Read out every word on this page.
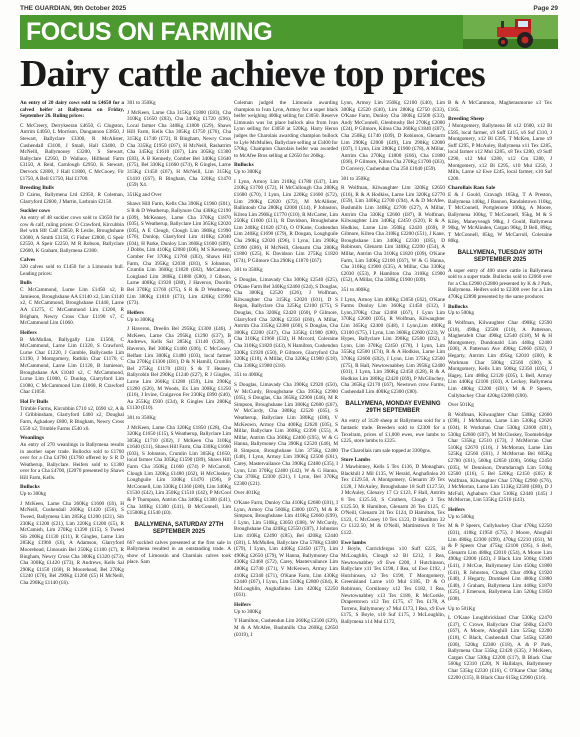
THE GUARDIAN, 9th October 2025	Page 29
FOCUS ON FARMING
Dairy cattle achieve top prices

An entry of 20 dairy cows sold to £4650 for a calved heifer at Ballymena on Friday, September 26. Ruling prices:

C McCreery, Derrykeeran £4650, G Clugston, Antrim £4050, L Morrison, Dungannon £3850, J Stewart, Ballyclare £3300, R McAlister, Cushendall £3100, J Small, Hall £3400, D McNeill, Ballymoney £3200, S Stewart, Ballyclare £2950, D Wallace, Hillhead Farm £3150, A Reid, Carnlough £2950, K Stewart, Dervock £2800, J Hall £1800, C McCooey, Fir £1750, A Bell £1750, Hal £1700.

Breeding Bulls

D Cairns, Ballymena Ltd £2950, R Coleman, Glarryford £2600, J Martin, Larbrain £2150.

Suckler cows

An entry of 48 suckler cows sold to £3650 for a cow & calf, ruling prices: O Crawford, Kircubbin Bel with Hfr Calf £3650, R Leslie, Broughshane £3600, A Smith £3150, G Fisher £2800, G Speir £2550, A Speir £2250, M R Robson, Ballyclare £2600, K Graham, Ballymena £2300.

Calves

320 calves sold to £1450 for a Limousin bull. Leading prices:

Bulls

C McCammond, Lurne Lim £1450 x2, B Jamieson, Broughshane AA £1140 x2, Lim £1140 x2, C McCammond, Broughshane £1440, Larne AA £1275, C McCammond Lim £1200, R Brigham, Newry Cross Char £1190 x7, C McCammond Lim £1060.

Heifers

B McMullan, Ballygally Lim £1560, C McCammond, Larne Lim £1320, S Crawford, Lurne Char £1220, J Gamble, Ballycastle Lim £1190, J Montgomery, Rathlin Char £1170, C McCammond, Larne Lim £1120, B Jamieson, Broughshane AA £1040 x2, C McCammond, Lurne Lim £1000, G Dunlop, Glarryford Lim £1080, C McCammond Lim £1060, R Crawford Char £1050.

Hol Fr Bulls

Trimble Farms, Kircubbin £710 x2, £690 x2, A & J Gribbinsham, Glarryford £460 x2, Dougbal Farm, Aghadoey £800, R Bingham, Newry Cross £550 x2, Trimble Farms £540 x6.

Weanlings

An entry of 270 weanlings in Ballymena results in another super trade. Bullocks sold to £1760 over for a Cha £4760 (£1760 offered by S R D Weatherup, Ballyclare. Heifers sold to £1300 over for a Cha £4700, (£2070 presented by Shaws Hill Farm, Kells.

Bullocks

Up to 300kg

J McKeen, Larne Cha 260Kg £1600 (£6), H McNeill, Cushendall 260Kg £1420 (£56), S Tweed, Ballymena Lim 285Kg £1200 (£21), Sib 230Kg £1200 (£21), Lim 220Kg £1200 (£5), R McCamish, Lim 270Kg £1390 (£15), S Tweed Sib 200Kg £1130 (£11), R Gingles, Larne Lim 285Kg £1960 (£6), A Adamson, Glarryford Moorehead, Limousin Bel 250Kg £1180 (£7), R Bingham, Newry Cross Cha 300Kg £1320 (£73), Cha 300Kg £1420 (£73), R Andrews, Kells Sal 290Kg £1150 (£60), R Moorehead, Bel 270Kg £1240 (£76), Bel 290Kg £1260 (£5) H McNeill, Cha 290Kg £1140 (£6).

301 to 350Kg

J McKeen, Larne Cha 315Kg £1800 (£83), Cha 310Kg £1650 (£83), Cha 340Kg £1720 (£96), Local farmer Cha 340Kg £1800 (£29), Shaws Hill Farm, Kells Cha 305Kg £1750 (£76), Cha 315Kg £1740 (£72), R Bingham, Newry Cross Cha 335Kg £1950 (£67), H McNeill, Rashatrim Cha 345Kg £1610 (£67), Lim 305Kg £1300 (£83), A B Kennedy, Comber Bel 340Kg £1640 (£75), Bel 330Kg £1660 (£74), R Gingles, Larne 315Kg £1450 (£67), H McNeill, Lim 315Kg £1410 (£67), R Bingham, Cha 320Kg £1470 (£59) X4.

351Kg and Over

Shaws Hill Farm, Kells Cha 390Kg £1960 (£01), S R & D Weatherup, Ballynure Cha 430Kg £2190 (£09), McKeaney, Larne Cha 370Kg £1870 (£05), S Weatherup, Ballyclare Lim 365Kg £2020 (£05), A E Cleugh, Clough Lim 380Kg £1990 (£76), Dunlop, Glarryford Lim 410Kg £2040 (£04), H Parke, Dunloy Lim 360Kg £1600 (£89), J Dobbs, Lim 410Kg £2080 (£06), M S Kennedy, Comber Fer 370Kg £1760 (£83), Shaws Hill Farm, Cha 395Kg £2030 (£83), S Johnston, Crumlin Lim 360Kg £1820 (£82), McCalmon, Longland Lim 380Kg £1880 (£80), J Gibson, Larne 400Kg £1920 (£80), J Haveron, Doorlin Bel 370Kg £1760 (£75), S R & D Weatherup, Lim 380Kg £1810 (£73), Lim 420Kg £1990 (£73).

Heifers

Up to 300Kg

J Haveron, Dreelin Bel 295Kg £1300 (£46), J McKeen, Larne Cha 295Kg £1290 (£37), B Andrews, Kells Sal 285Kg £1140 (£28), J Haveron, Bel 300Kg £1460 (£06), C McCooey, Belfast Lim 300Kg £1480 (£03), local farmer Cha 270Kg £1300 (£81), D & N Hamill, Crumlin Bel 275Kg £1170 (£81) S & T Heaney, Ballyrobin Bel 290Kg £1240 (£27), R J Gingles, Larne Lim 260Kg £1280 (£59), Lim 290Kg £1260 (£26), M Woods, Ex Lim 300Kg £1250 (£16), J Irvine, Craigavon Fer 230Kg £890 (£40), Aa 255Kg £930 (£34), R Gingles Lim 280Kg £1130 (£10).

301 to 350Kg

J McKeen, Larne Cha 320Kg £1850 (£28), Cha 320Kg £1650 (£15), S Weatherup, Ballyclare Lim 305Kg £1710 (£02), J McKeen Cha 310Kg £1640 (£11), Shaws Hill Farm, Cha 330Kg £1660 (£03), S Johnston, Crumlin Lim 305Kg £1650, local farmer Cha 305Kg £1590 (£89), Shaws Hill Farm Cha 350Kg £1660 (£74) P McCarroll, Clough Lim 320Kg £1480 (£62), H McCloskey, Loughguile Lim 330Kg £1470 (£96), P McConnell, Lim 330Kg £1360 (£80), Lim 340Kg £1530 (£42), Lim 350Kg £1510 (£42), P McCool & P Thompson, Antrim Cha 340Kg £1300 (£41), Cha 340Kg £1300 (£41), B McConnell, Lim £1500Kg £1540 (£0).

BALLYMENA, SATURDAY 27TH SEPTEMBER 2025

667 suckled calves presented at the first sale in Ballymena resulted in an outstanding trade. A show of Limousin and Charolais calves took place. Sam

Coleman judged the Limousin awarding champion to Ivan Lynn, Armoy for a super black heifer weighing 400kg selling for £3050. Reserve Limousin was 1st place bullock also from Ivan Lynn selling for £3050 at 520Kg. Harry Heron judges the Charolais awarding champion bullock to Lyle McMullen, Ballyclare selling at £3400 for 570kg. Champion Charolais heifer was awarded to McAfee Bros selling at £2650 for 260kg.

Bullocks

Up to 300Kg

I Lynn, Armoy Lim 210Kg £1780 (£47), Lim 210Kg £1700 (£72), H McCullough Cha 280Kg £1680 (£70), I Lynn, Lim 220Kg £1600 (£72), Lim 290Kg £2020 (£72), M McAllister, Ballintoub Cha 280Kg £2000 (£14), P Johnston, Kilrea Lim 290Kg £1770 (£10), R McCarter, Lim 250Kg £1600 (£11), R Davidson, Broughshane Lim 240Kg £1620 (£74), O O'Kane, Cushendun Lim 240Kg £1690 (£79), R Dougan, Loughguile Cha 290Kg £2020 (£96), I Lynn, Lim 290Kg £1990 (£86), H McNeill, Glenarm Cha 280Kg £1800 (£25), K Davidson Lim 275Kg £1820 (£74), P Gilmore Cha 290Kg £1870 (£67).

301 to 350Kg

S Douglas, Limavady Cha 300Kg £2540 (£25), O'Kane Farm Bel 340Kg £2460 (£24), S Douglas, Cha 300Kg £2520 (£26), J Wolfman, Kilwaughter Cha 315Kg £2020 (£01), D S Regan, Ballyclare Cha 325Kg £2100 (£75), S Douglas, Cha 320Kg £2420 (£60), P Gilmore, Glarryford Cha 320Kg £2350 (£60), A Millar, Antrim Cha 335Kg £2380 (£60), S Douglas, Cha 300Kg £2200 (£47), Cha 335Kg £1980 (£80), Cha 310Kg £1960 (£32), H Mccord, Coleraine Cha 310Kg £1820 (£43), N Hamilton, Cushendun 330Kg £1920 (£50), P Gilmore, Glarryford Cha 320Kg (£18), A Millar, Cha 320Kg £1980 (£18), Cha 330Kg £1980 (£18).

351 to 400Kg

S Douglas, Limavady Cha 390Kg £2920 (£50), W McCurdy, Broughshane Cha 395Kg £2900 (£65), S Douglas, Cha 365Kg £2900 (£46), M R Simpson, Broughshane Lim 380Kg £2680 (£67), W McCurdy, Cha 380Kg £2520 (£65), S Weatherup, Ballyclare Lim 380Kg (£86), V McKeown, Armoy Cha 400Kg £2620 (£05), S Millar, Ballyclare Lim 360Kg £2390 (£55), A Millar, Antrim Cha 360Kg £2400 (£95), W & G Hanna, Ballymoney Cha 390Kg £2520 (£46), M R Simpson, Broughshane Lim 375Kg £2400 (£40), I Lynn, Armoy Lim 390Kg £2500 (£61), Carey, Mastervailance Cha 390Kg £2480 (£35), I Lynn, Lim 370Kg £2400 (£42), W & G Hanna, Cha 370Kg £2300 (£21), I Lynn, Bel 370Kg £2300 (£21).

Over 401Kg

O'Kane Farm, Dunloy Cha 410Kg £2680 (£01), I Lynn, Armoy Cha 560Kg £3000 (£67), M & R Simpson, Broughshane Lim 410Kg £2660 (£99), I Lynn, Lim 510Kg £3050 (£88), W McCurdy, Broughshane Cha 420Kg £2550 (£07), J Johnston Lim 410Kg £2490 (£85), Bel 420Kg £2440 (£81), L McMullen, Ballyclare Cha 570Kg £3400 (£79), I Lynn, Lim 440Kg £2450 (£77), Lim 490Kg £2650 (£79), W Hanna, Ballymoney Cha 430Kg £2460 (£72), Carey, Mastervailance Lim 480Kg £2740 (£71), V McKeown, Armoy Lim 410Kg £2340 (£71), O'Kane Farm, Lim 430Kg £2440 (£67), I Lynn, Lim 510Kg £2800 (£64), R McLoughlin, Anghafinlea Lim 420Kg £2250 (£61).

Heifers

Up to 300Kg

Y Hamilton, Cushendun Lim 260Kg £2500 (£29), M & A McAfee, Bushmills Cha 260Kg £2650 (£019), I

Lynn, Armoy Lim 250Kg £2100 (£40), Lim 300Kg £2520 (£40), Lim 280Kg £2750 (£33), O'Kane Farm, Dunloy Cha 300Kg £2500 (£33), Andy McConnell, Glenbrushy Bel 270Kg £2000 (£24), P Gilmore, Kilrea Cha 260Kg £1840 (£07), Cha 250Kg £1740 (£09), D Robinson, Glenarm Lim 290Kg £2000 (£49), Lim 290Kg £2000 (£07), I Lynn, Lim 280Kg £1900 (£78), A Millar, Antrim Cha 270Kg £1800 (£66), Cha £1800 (£66), P Gilmore, Kilrea Cha 270Kg £1700 (£63), D Convery, Cushendun Cha 250 £1640 (£59).

301 to 350Kg

R Wolfman, Kilwaughter Lim 320Kg £2650 (£16), R & A Hodkiss, Larne Lim 320Kg £2770 (£59), Lim 340Kg £2700 (£94), A & D McAfee, Bushmills Lim 340Kg £2700 (£27), A Millar, Antrim Cha 330Kg £2600 (£87), R Wolfman, Kilwaughter Lim 340Kg £2450 (£20), R & A Hodkiss, Larne Lim 350Kg £2420 (£69), P Gilmore, Kilrea Cha 310Kg £2200 (£51), J Kane, Broughshane Lim 340Kg £2330 (£85), D Robinson, Glenarm Lim 340Kg £2200 (£54), A Millar, Antrim Cha 310Kg £1820 (£09), O'Kane Farm, Lim 340Kg £2100 (£67), W & G Hanna, Cha 310Kg £1900 (£35), A Millar, Cha 330Kg £2030 (£53), P Hamilton Cha 310Kg £1900 (£52), A Millar, Cha 330Kg £1900 (£09).

351 to 400Kg

I Lynn, Armoy Lim 400Kg £3050 (£62), O'Kane Farms Dunloy Lim 360Kg £1450 (£12), I Lynn,370Kg Char £2460 (£67), I Lynn Lim 370Kg £2600 (£05), R Wolfman, Kilwaughter Lim 365Kg £2400 (£48), I Lynn,Lim 400Kg £3100 (£75), I Lynn, Lim 360Kg £2600 (£23), W Hypes, Ballyclare Lim 390Kg £2580 (£62), I Lynn, Lim 370Kg £2450 (£78), I Lynn, Lim 355Kg £2500 (£74), R & A Hodkiss, Larne Lim 370Kg £2600 (£02), I Lynn, Lim 375Kg £2500 (£75), R Hall, Newtownabbey Lim 395Kg £2400 (£01), I Lynn, Lim 390Kg £2450 (£28), R & A Hodkiss Lim 380Kg £2420 (£69), P McGlinchey, Cha 365Kg £2170 (£67), Newtown crow Farms, Cushendall Lim 400Kg £2300 (£80).

BALLYMENA, MONDAY EVENING 29TH SEPTEMBER

An entry of 3120 sheep at Ballymena sold for a fantastic trade. Breeders sold to £2300 for a Texelram, prices of £1,000 ewes, ewe lambs to £225, store lambs to £225.

The Charollais ram sale topped at 3300gns.

Store Lambs

J Mawhinney, Kells 5 Tex £136, D Monaghan, Blackhill 2 Mil £135, W Herald, Anghafinlea 20 Tex £129.50, A Montgomery, Glenarm 39 Tex £128, J McAuley, Broughshane 18 Suff £127.50, J McAuley, Glenavy 17 Cr £123, F Hall, Antrim 8 Tex £125.50, S Crothers, Clough 3 Tex £125.50, R Hamilton, Glenarm 26 Tex £125, C O'Neill, Glenarm 24 Tex £124, D Hamilton, Tex £123, C McCooey 10 Tex £123, D Hamilton 32 Cr £122.50, M & O'Neill, Martinstown 8 Tex £122.

Ewe lambs

J Boyle, Carrickfergus x10 Suff £225, H McLoughlin, Clough x2 Bl £212, I Rea, Newtownabbey x9 Ewe £200, J Hutchinson, Ballyclare x11 Tex £198, J Rea, x4 Ewe £192, J Hutchinson, x2 Tex £190, T Montgomery, Greenisland Larne x10 Mul £185, D & O Robinson, Cornilonsy x12 Tex £182, I Rea, Newtownabbey x13 Tex £180, R McCorkle, Draperstown x12 Tex £175, x7 Tex £178, A Torrens, Ballymoney x7 Mul £173, I Rea, x9 Ewe £175, S Boyle, x10 Suf £175, J McLoughlin, Ballymena x14 Mul £172,

B & A McCammon, Magherasmorne x3 Tex £165.

Breeding Sheep

J Montgomery, Ballymena Bl x12 £600, x12 Bl £585, local farmer, x9 Suff £415, x6 Suf £310, J Montgomery, x12 Bl £395, T McKen, Larne x9 Suff £295, P McAuley, Ballymena x11 Tex £285, local farmer x12 Mul £285, x8 Tex £280, x9 Suff £290, x12 Mul £280, x12 Cm £280, J Montgomery, x12 Bl £295, x10 Mul £250, J Mills, Larne x2 Ewe £245, local farmer, x10 Suf £200.

Charollais Ram Sale

E & J Gould, Gravagh 165kg, T A Preston, Ballymena 140kg, J Bannon, Randalstown 110kg, T McConnell, Portglenone 100kg, A Moore, Ballymena 100kg, T McConnell, 95kg, M & S Kiley, Maneyveagh 90kg, J Gould, Ballymena 90kg, W McAlinden, Cargan 90kg, D Bell, 89kg, T McConnell, 85kg, W McCarroll, Coleraine 80kg.

BALLYMENA, TUESDAY 30TH SEPTEMBER 2025

A super entry of 400 store cattle in Ballymena sold to a super trade. Bullocks sold to £2660 over for a Cha £2960 (£2800 presented by K & J Park, Ballymena. Heifers sold to £2300 over for a Lim 470Kg £2890 presented by the same producer.

Bullocks

Up to 500kg

R Wolfman, Kilwaughter Char 490Kg £2590 (£18), 490kg £2500 (£10), A Patterson, Magherafelt Char 490kg £2540 (£18), M & H Montgomery, Dundonald Lim 440kg £2400 (£06), A Patterson Ave 490kg £2660 (£02), J Hegarty, Antrim Lim 495kg £2010 (£00), R Workman Char 500kg £2560 (£00), K Montgomery, Kells Lim 500kg £2350 (£05), J Hagey, Lim 480kg £2120 (£05), L Bell, Armoy Lim 440Kg £2100 (£03), A Leckey, Ballymena Lim 480kg £2200 (£01), M & P Speers, Cullybackey Char 420kg £2080 (£00).

Over 501Kg

R Wolfman, Kilwaughter Char 530Kg £2660 (£98), J McMorran, Larne Lim 530Kg £2620 (£04), R Workman Char 530kg £2600 (£01), 530kg £2600 (£07), M McCloskey, Toomebridge Char 535Kg £2510 (£73), J McMorran Char 510Kg £2670 (£16), J McMorran, Larne Lim 525Kg £2560 (£61), J McMorran Bel 605Kg £2780 (£61), 560kg £2650 (£06), 560kg £2450 (£05), W Dennison, Drumdarragh Lim 510kg £2500 (£16), 5 Bel 520Kg £2150 (£65) R Wolfman, Kilwaughter Char 570kg £2960 (£76), J McMorran, Larne Lim 513Kg £2580 (£80), D J McFall, Aghaburn Char 510Kg £2440 (£45) J McMorran, Lim 535Kg £2510 (£43).

Heifers

Up to 500kg

M & P Speers, Cullybackey Char 470kg £2250 (£01), 418kg £1950 (£75), J Moore, Ahoghill Lim 480kg £2300 (£99), 470kg £2210 (£61), M & P Speers Char 475kg £2100 (£95), S Bell, Glenarm Lim 480kg £2010 (£54), A Moore Lim 490kg £2000 (£43), J Black Lim 500kg £1940 (£41), J McCue, Ballymoney Lim 450kg £1800 (£41), R Johnston, Clough Char 490kg £1920 (£40), J Hegarty, Drumkeel Lim 480kg £1880 (£40), J Graham, Ballymena Lim 440kg £1870 (£25), J Emerson, Ballymena Lim 520kg £1850 (£08).

Up to 501Kg

L O'Kane Loughbrickland Char 530Kg £2470 (£37), C Crowe, Ballyclare Char 560kg £2470 (£67), A Moore, Ahoghill Lim 525kg £2200 (£18), C Black, Cushendall Char 545kg £2500 (£00), 520kg £2380 (£18), A & P Park, Ballymena Char 535kg £2420 (£35), J McKeen, Cargan Char 530kg £2200 (£17), B Black Char 560kg £2310 (£20), N Hallidays, Ballymoney Char 535kg £2330 (£16), C O'Kane Char 500kg £2200 (£15), B Black Char 615kg £2960 (£16).
